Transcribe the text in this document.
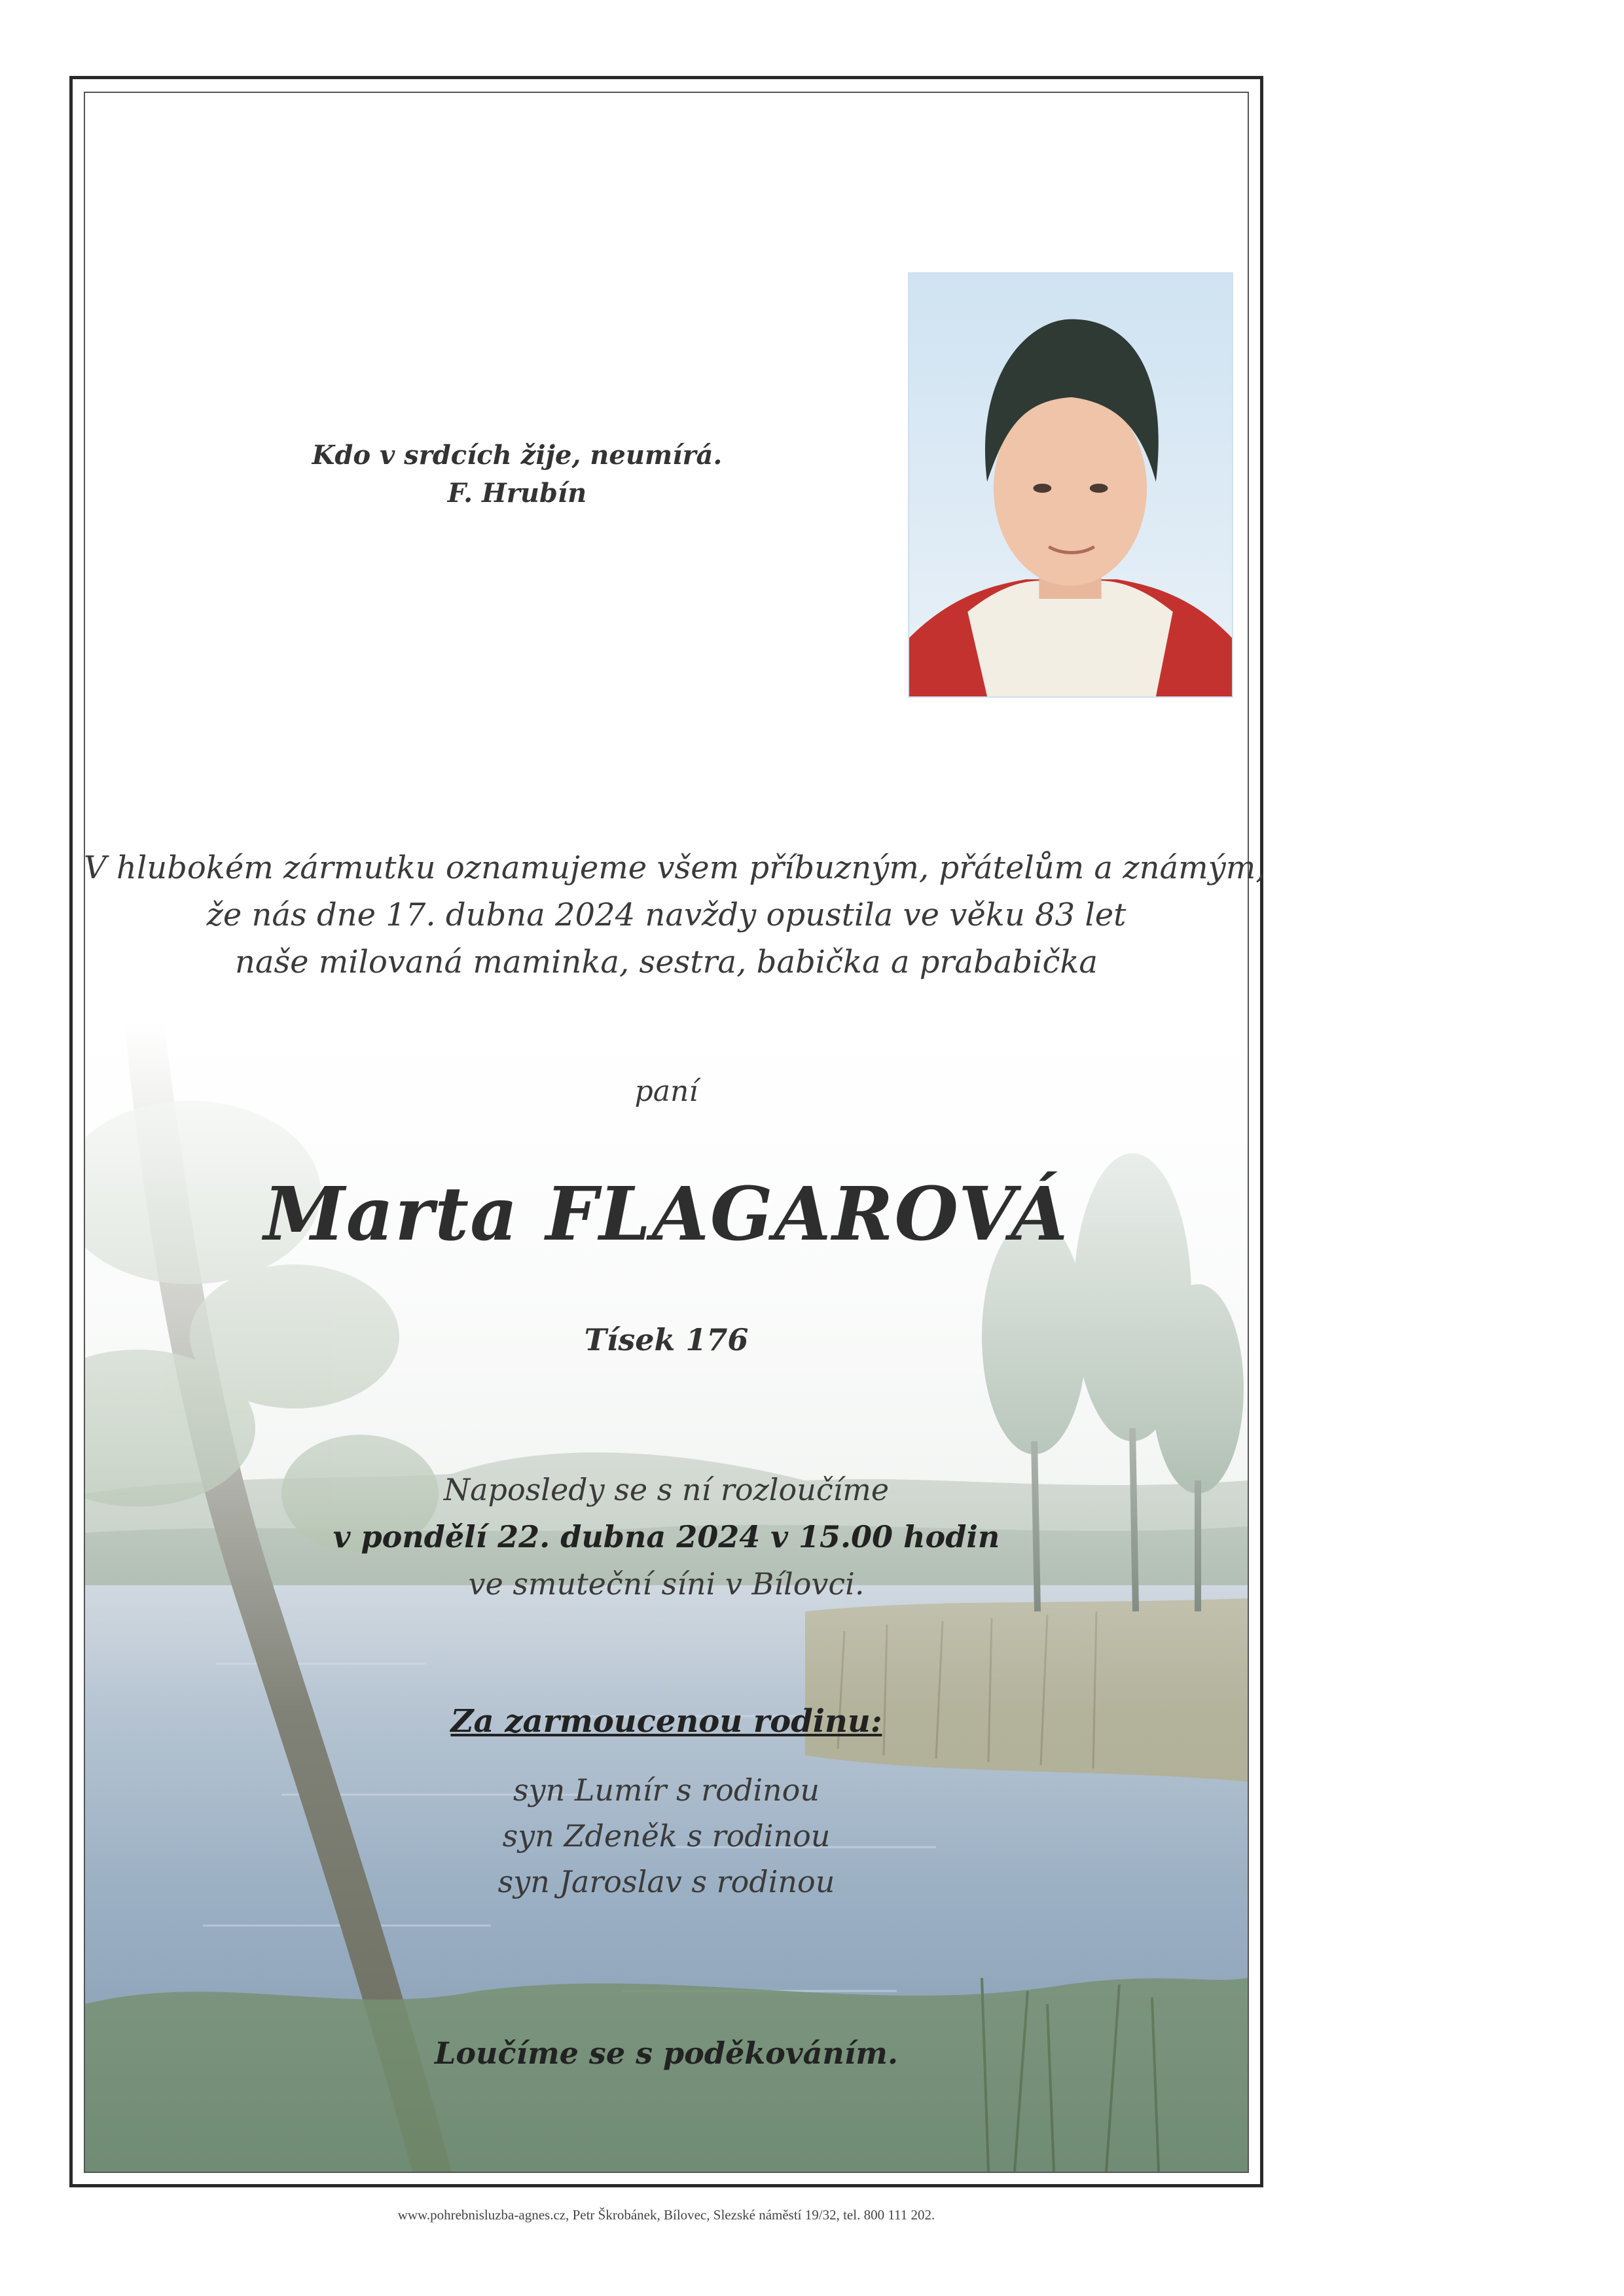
Kdo v srdcích žije, neumírá.
F. Hrubín
V hlubokém zármutku oznamujeme všem příbuzným, přátelům a známým,
že nás dne 17. dubna 2024 navždy opustila ve věku 83 let
naše milovaná maminka, sestra, babička a prababička
paní
Marta FLAGAROVÁ
Tísek 176
Naposledy se s ní rozloučíme
v pondělí 22. dubna 2024 v 15.00 hodin
ve smuteční síni v Bílovci.
Za zarmoucenou rodinu:
syn Lumír s rodinou
syn Zdeněk s rodinou
syn Jaroslav s rodinou
Loučíme se s poděkováním.
www.pohrebnisluzba-agnes.cz, Petr Škrobánek, Bílovec, Slezské náměstí 19/32, tel. 800 111 202.
